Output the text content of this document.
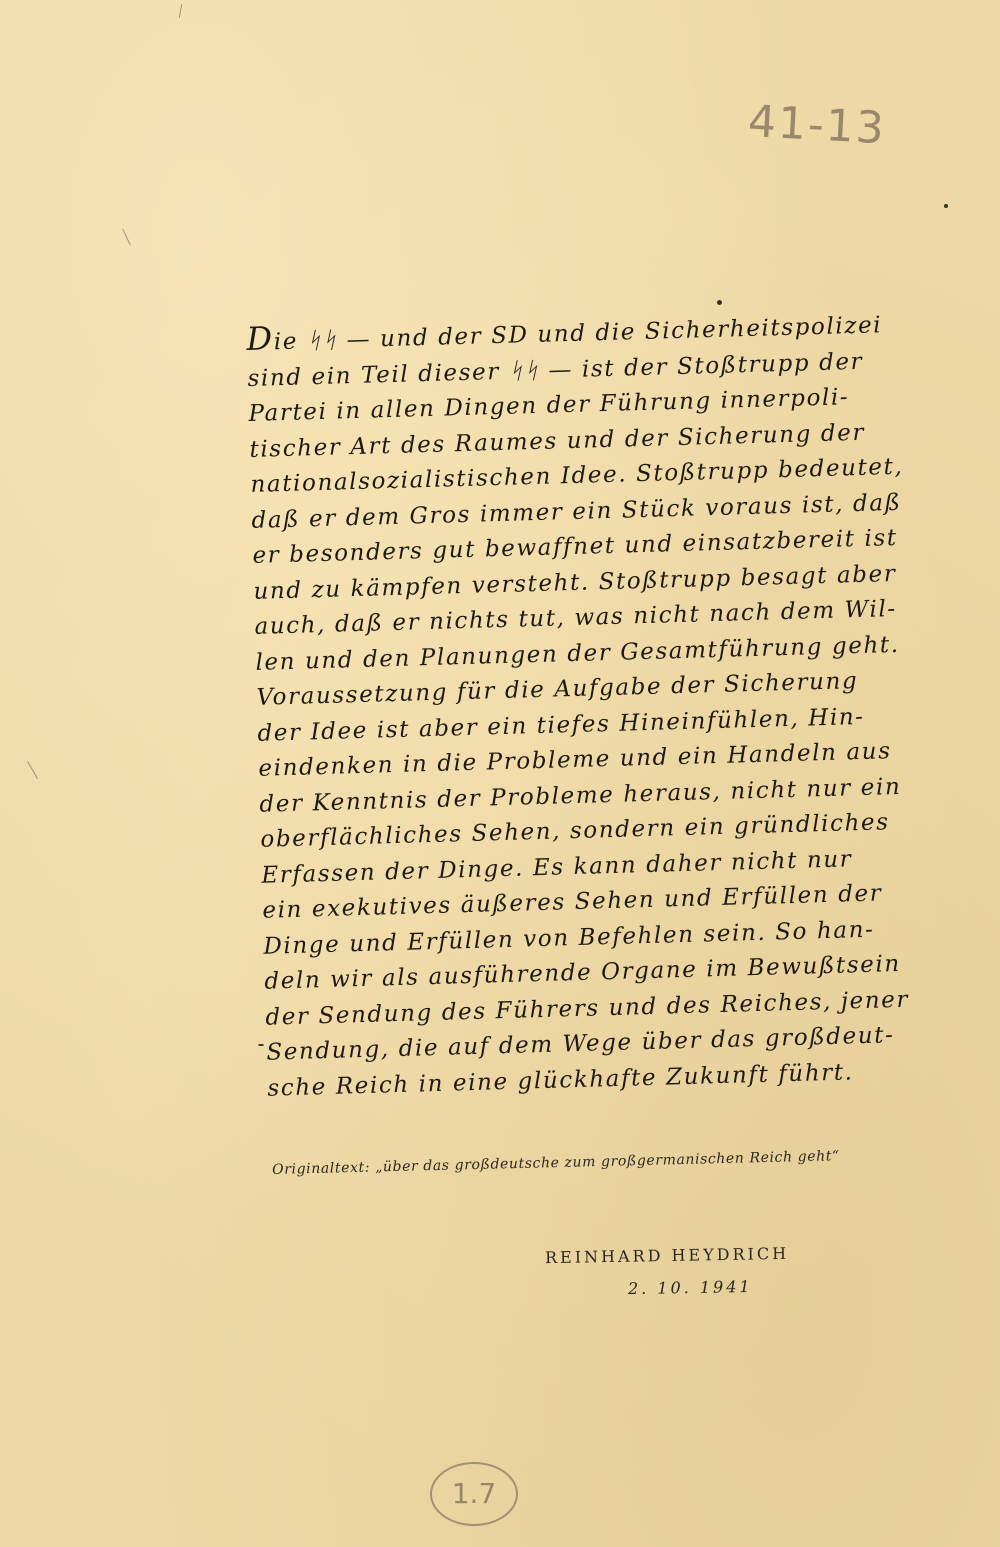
41-13
Die ᛋᛋ — und der SD und die Sicherheitspolizei
sind ein Teil dieser ᛋᛋ — ist der Stoßtrupp der
Partei in allen Dingen der Führung innerpoli-
tischer Art des Raumes und der Sicherung der
nationalsozialistischen Idee. Stoßtrupp bedeutet,
daß er dem Gros immer ein Stück voraus ist, daß
er besonders gut bewaffnet und einsatzbereit ist
und zu kämpfen versteht. Stoßtrupp besagt aber
auch, daß er nichts tut, was nicht nach dem Wil-
len und den Planungen der Gesamtführung geht.
Voraussetzung für die Aufgabe der Sicherung
der Idee ist aber ein tiefes Hineinfühlen, Hin-
eindenken in die Probleme und ein Handeln aus
der Kenntnis der Probleme heraus, nicht nur ein
oberflächliches Sehen, sondern ein gründliches
Erfassen der Dinge. Es kann daher nicht nur
ein exekutives äußeres Sehen und Erfüllen der
Dinge und Erfüllen von Befehlen sein. So han-
deln wir als ausführende Organe im Bewußtsein
der Sendung des Führers und des Reiches, jener
Sendung, die auf dem Wege über das großdeut-
sche Reich in eine glückhafte Zukunft führt.
Originaltext: „über das großdeutsche zum großgermanischen Reich geht“
REINHARD HEYDRICH
2. 10. 1941
1.7
